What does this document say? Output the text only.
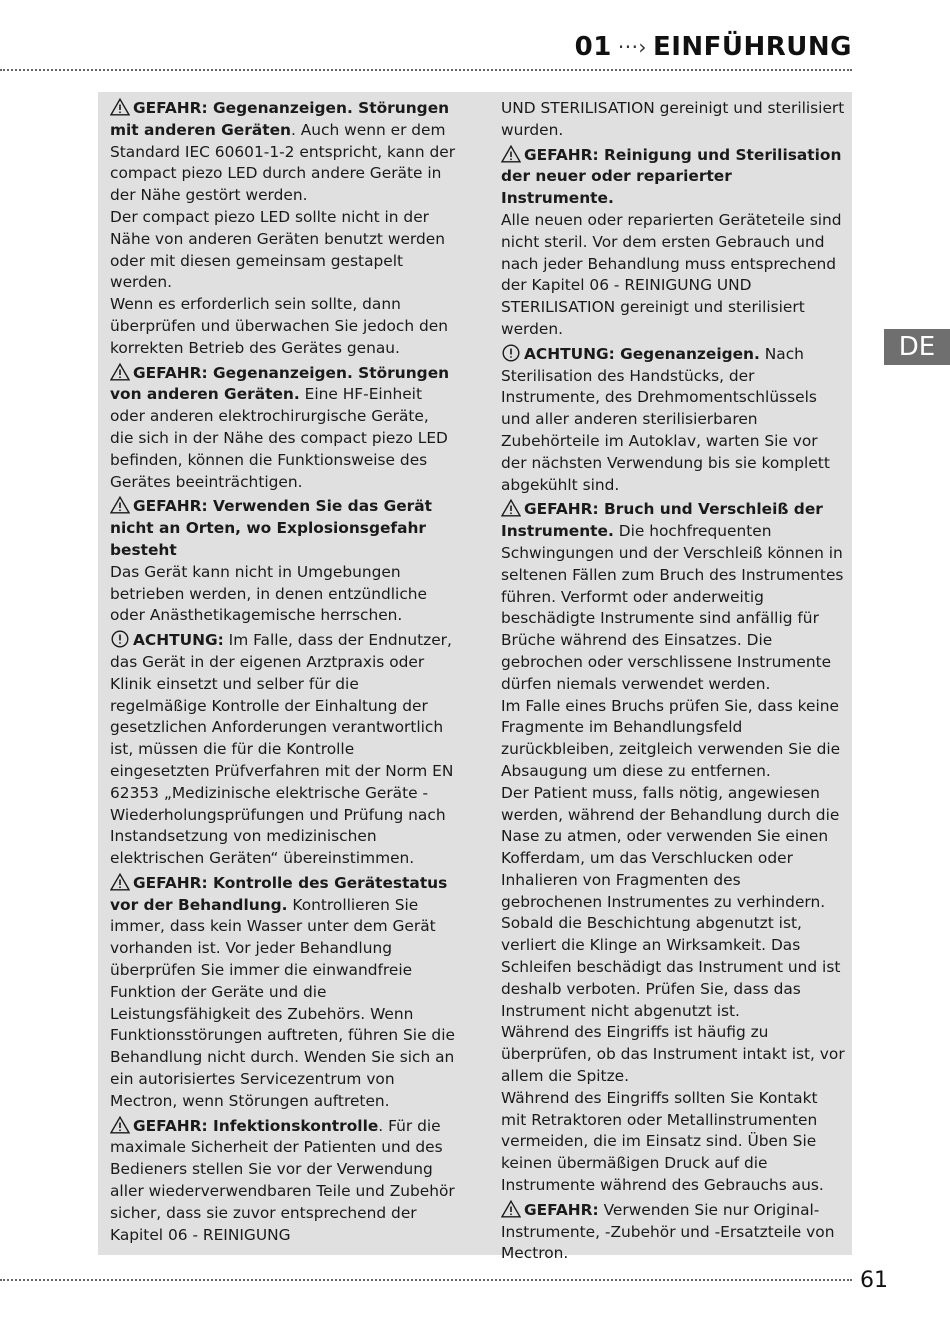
01 ···› EINFÜHRUNG
DE

GEFAHR: Gegenanzeigen. Störungen mit anderen Geräten. Auch wenn er dem Standard IEC 60601-1-2 entspricht, kann der compact piezo LED durch andere Geräte in der Nähe gestört werden.

Der compact piezo LED sollte nicht in der Nähe von anderen Geräten benutzt werden oder mit diesen gemeinsam gestapelt werden.

Wenn es erforderlich sein sollte, dann überprüfen und überwachen Sie jedoch den korrekten Betrieb des Gerätes genau.

GEFAHR: Gegenanzeigen. Störungen von anderen Geräten. Eine HF-Einheit oder anderen elektrochirurgische Geräte, die sich in der Nähe des compact piezo LED befinden, können die Funktionsweise des Gerätes beeinträchtigen.

GEFAHR: Verwenden Sie das Gerät nicht an Orten, wo Explosionsgefahr besteht
Das Gerät kann nicht in Umgebungen betrieben werden, in denen entzündliche oder Anästhetikagemische herrschen.

ACHTUNG: Im Falle, dass der Endnutzer, das Gerät in der eigenen Arztpraxis oder Klinik einsetzt und selber für die regelmäßige Kontrolle der Einhaltung der gesetzlichen Anforderungen verantwortlich ist, müssen die für die Kontrolle eingesetzten Prüfverfahren mit der Norm EN 62353 „Medizinische elektrische Geräte - Wiederholungsprüfungen und Prüfung nach Instandsetzung von medizinischen elektrischen Geräten“ übereinstimmen.

GEFAHR: Kontrolle des Gerätestatus vor der Behandlung. Kontrollieren Sie immer, dass kein Wasser unter dem Gerät vorhanden ist. Vor jeder Behandlung überprüfen Sie immer die einwandfreie Funktion der Geräte und die Leistungsfähigkeit des Zubehörs. Wenn Funktionsstörungen auftreten, führen Sie die Behandlung nicht durch. Wenden Sie sich an ein autorisiertes Servicezentrum von Mectron, wenn Störungen auftreten.

GEFAHR: Infektionskontrolle. Für die maximale Sicherheit der Patienten und des Bedieners stellen Sie vor der Verwendung aller wiederverwendbaren Teile und Zubehör sicher, dass sie zuvor entsprechend der Kapitel 06 - REINIGUNG

UND STERILISATION gereinigt und sterilisiert wurden.

GEFAHR: Reinigung und Sterilisation der neuer oder reparierter Instrumente.
Alle neuen oder reparierten Geräteteile sind nicht steril. Vor dem ersten Gebrauch und nach jeder Behandlung muss entsprechend der Kapitel 06 - REINIGUNG UND STERILISATION gereinigt und sterilisiert werden.

ACHTUNG: Gegenanzeigen. Nach Sterilisation des Handstücks, der Instrumente, des Drehmomentschlüssels und aller anderen sterilisierbaren Zubehörteile im Autoklav, warten Sie vor der nächsten Verwendung bis sie komplett abgekühlt sind.

GEFAHR: Bruch und Verschleiß der Instrumente. Die hochfrequenten Schwingungen und der Verschleiß können in seltenen Fällen zum Bruch des Instrumentes führen. Verformt oder anderweitig beschädigte Instrumente sind anfällig für Brüche während des Einsatzes. Die gebrochen oder verschlissene Instrumente dürfen niemals verwendet werden.

Im Falle eines Bruchs prüfen Sie, dass keine Fragmente im Behandlungsfeld zurückbleiben, zeitgleich verwenden Sie die Absaugung um diese zu entfernen.

Der Patient muss, falls nötig, angewiesen werden, während der Behandlung durch die Nase zu atmen, oder verwenden Sie einen Kofferdam, um das Verschlucken oder Inhalieren von Fragmenten des gebrochenen Instrumentes zu verhindern.

Sobald die Beschichtung abgenutzt ist, verliert die Klinge an Wirksamkeit. Das Schleifen beschädigt das Instrument und ist deshalb verboten. Prüfen Sie, dass das Instrument nicht abgenutzt ist.

Während des Eingriffs ist häufig zu überprüfen, ob das Instrument intakt ist, vor allem die Spitze.

Während des Eingriffs sollten Sie Kontakt mit Retraktoren oder Metallinstrumenten vermeiden, die im Einsatz sind. Üben Sie keinen übermäßigen Druck auf die Instrumente während des Gebrauchs aus.

GEFAHR: Verwenden Sie nur Original-Instrumente, -Zubehör und -Ersatzteile von Mectron.

61
